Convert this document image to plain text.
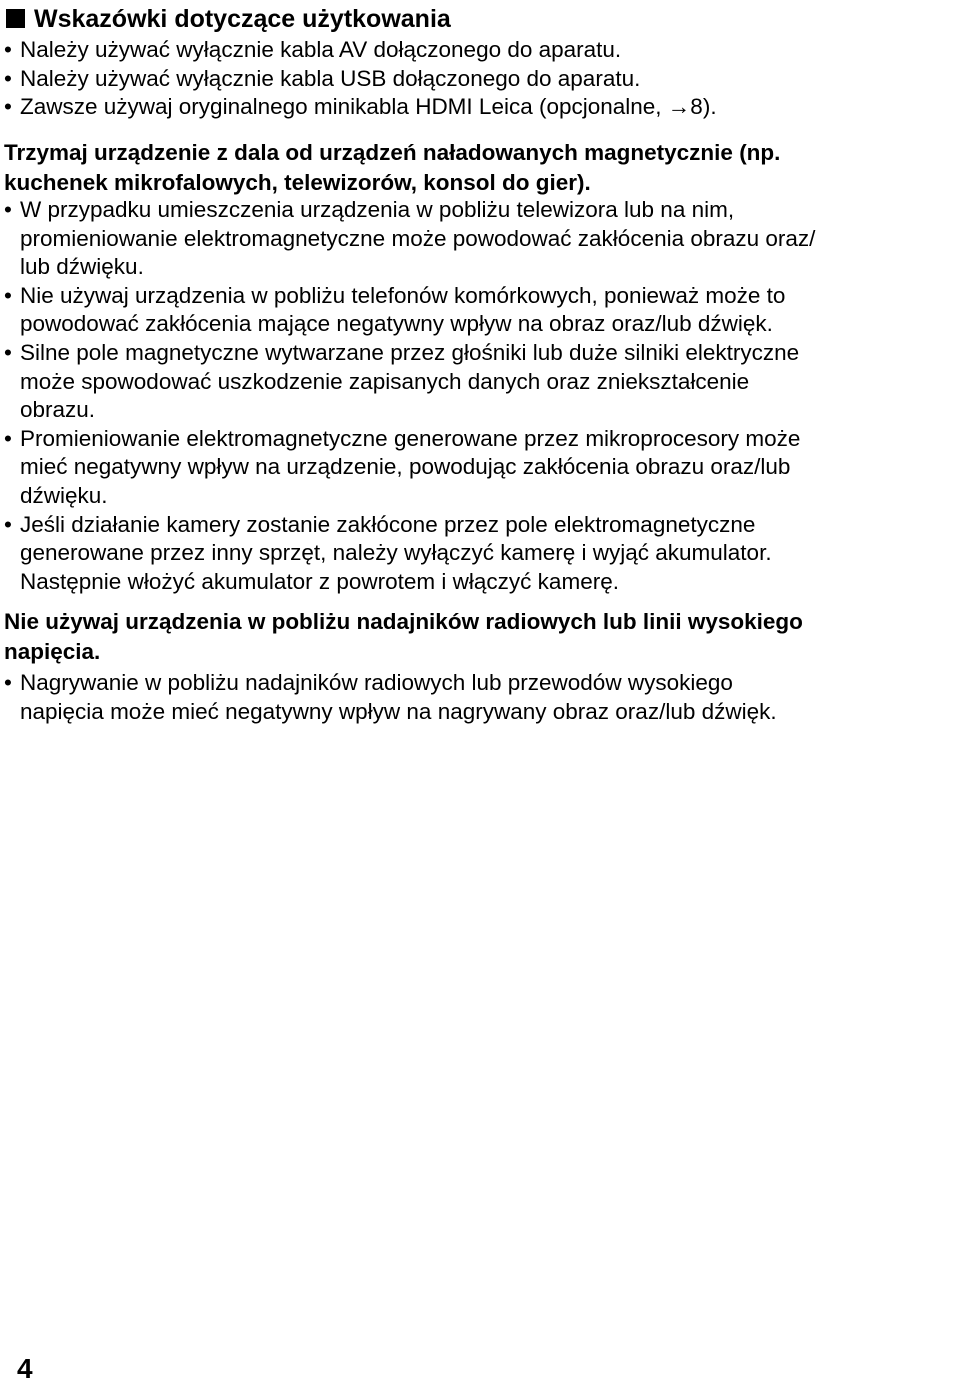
Wskazówki dotyczące użytkowania
• Należy używać wyłącznie kabla AV dołączonego do aparatu.
• Należy używać wyłącznie kabla USB dołączonego do aparatu.
• Zawsze używaj oryginalnego minikabla HDMI Leica (opcjonalne, →8).

Trzymaj urządzenie z dala od urządzeń naładowanych magnetycznie (np.
kuchenek mikrofalowych, telewizorów, konsol do gier).

• W przypadku umieszczenia urządzenia w pobliżu telewizora lub na nim,
promieniowanie elektromagnetyczne może powodować zakłócenia obrazu oraz/
lub dźwięku.
• Nie używaj urządzenia w pobliżu telefonów komórkowych, ponieważ może to
powodować zakłócenia mające negatywny wpływ na obraz oraz/lub dźwięk.
• Silne pole magnetyczne wytwarzane przez głośniki lub duże silniki elektryczne
może spowodować uszkodzenie zapisanych danych oraz zniekształcenie
obrazu.
• Promieniowanie elektromagnetyczne generowane przez mikroprocesory może
mieć negatywny wpływ na urządzenie, powodując zakłócenia obrazu oraz/lub
dźwięku.
• Jeśli działanie kamery zostanie zakłócone przez pole elektromagnetyczne
generowane przez inny sprzęt, należy wyłączyć kamerę i wyjąć akumulator.
Następnie włożyć akumulator z powrotem i włączyć kamerę.

Nie używaj urządzenia w pobliżu nadajników radiowych lub linii wysokiego
napięcia.

• Nagrywanie w pobliżu nadajników radiowych lub przewodów wysokiego
napięcia może mieć negatywny wpływ na nagrywany obraz oraz/lub dźwięk.
4
